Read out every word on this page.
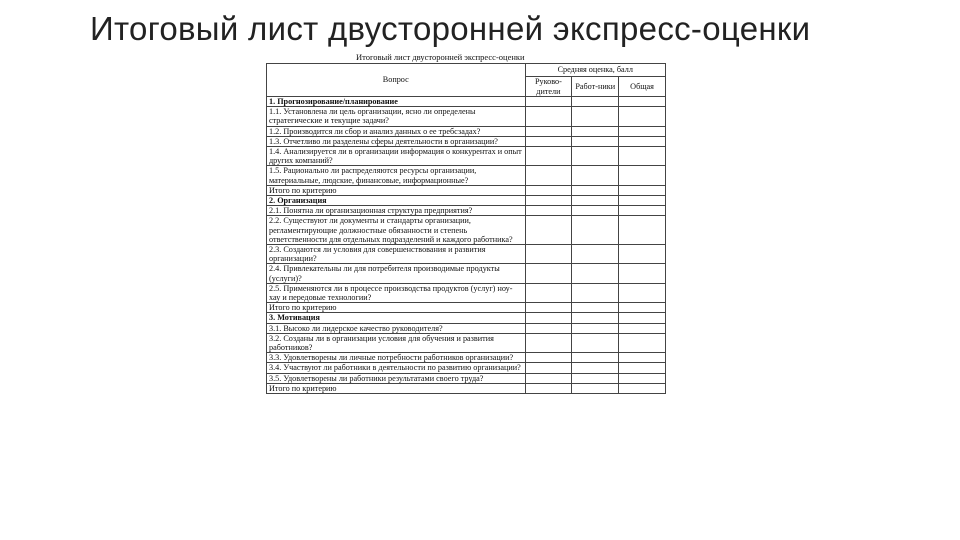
Итоговый лист двусторонней экспресс-оценки
Итоговый лист двусторонней экспресс-оценки
Вопрос	Средняя оценка, балл		
	Руково-дители	Работ-ники	Общая
1. Прогнозирование/планирование			
1.1. Установлена ли цель организации, ясно ли определены стратегические и текущие задачи?			
1.2. Производится ли сбор и анализ данных о ее требсзадах?			
1.3. Отчетливо ли разделены сферы деятельности в организации?			
1.4. Анализируется ли в организации информация о конкурентах и опыт других компаний?			
1.5. Рационально ли распределяются ресурсы организации, материальные, людские, финансовые, информационные?			
Итого по критерию			
2. Организация			
2.1. Понятна ли организационная структура предприятия?			
2.2. Существуют ли документы и стандарты организации, регламентирующие должностные обязанности и степень ответственности для отдельных подразделений и каждого работника?			
2.3. Создаются ли условия для совершенствования и развития организации?			
2.4. Привлекательны ли для потребителя производимые продукты (услуги)?			
2.5. Применяются ли в процессе производства продуктов (услуг) ноу-хау и передовые технологии?			
Итого по критерию			
3. Мотивация			
3.1. Высоко ли лидерское качество руководителя?			
3.2. Созданы ли в организации условия для обучения и развития работников?			
3.3. Удовлетворены ли личные потребности работников организации?			
3.4. Участвуют ли работники в деятельности по развитию организации?			
3.5. Удовлетворены ли работники результатами своего труда?			
Итого по критерию			
